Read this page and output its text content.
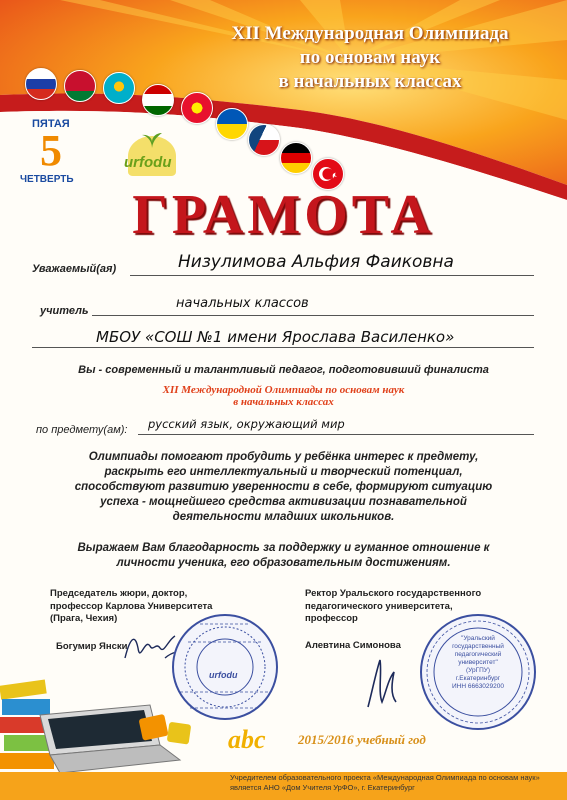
XII Международная Олимпиада
по основам наук
в начальных классах
ПЯТАЯ
5
ЧЕТВЕРТЬ
urfodu
ГРАМОТА
Уважаемый(ая)	Низулимова Альфия Фаиковна
учитель	начальных классов
МБОУ «СОШ №1 имени Ярослава Василенко»
Вы - современный и талантливый педагог, подготовивший финалиста
XII Международной Олимпиады по основам наук
в начальных классах
по предмету(ам): русский язык, окружающий мир
Олимпиады помогают пробудить у ребёнка интерес к предмету,
раскрыть его интеллектуальный и творческий потенциал,
способствуют развитию уверенности в себе, формируют ситуацию
успеха - мощнейшего средства активизации познавательной
деятельности младших школьников.
Выражаем Вам благодарность за поддержку и гуманное отношение к
личности ученика, его образовательным достижениям.
Председатель жюри, доктор,
профессор Карлова Университета
(Прага, Чехия)
Богумир Янски
Ректор Уральского государственного
педагогического университета,
профессор
Алевтина Симонова
urfodu
"Уральский
государственный
педагогический
университет"
(УрГПУ)
г.Екатеринбург
ИНН 6663029200
abc 2015/2016 учебный год
Учредителем образовательного проекта «Международная Олимпиада по основам наук»
является АНО «Дом Учителя УрФО», г. Екатеринбург
